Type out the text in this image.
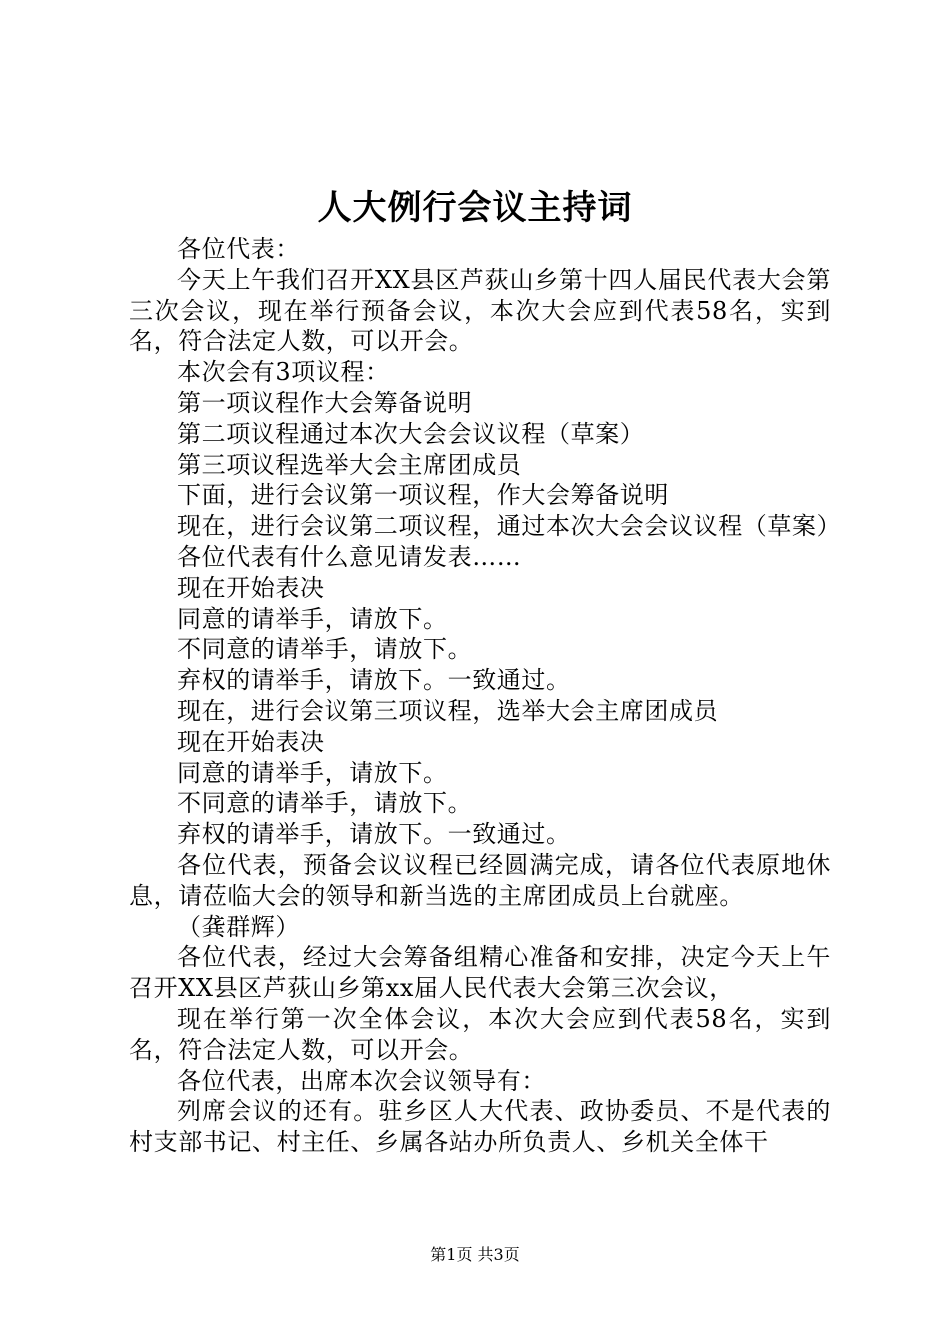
人大例行会议主持词

各位代表：

今天上午我们召开XX县区芦荻山乡第十四人届民代表大会第三次会议，现在举行预备会议，本次大会应到代表58名，实到名，符合法定人数，可以开会。

本次会有3项议程：

第一项议程作大会筹备说明

第二项议程通过本次大会会议议程（草案）

第三项议程选举大会主席团成员

下面，进行会议第一项议程，作大会筹备说明

现在，进行会议第二项议程，通过本次大会会议议程（草案）

各位代表有什么意见请发表……

现在开始表决

同意的请举手，请放下。

不同意的请举手，请放下。

弃权的请举手，请放下。一致通过。

现在，进行会议第三项议程，选举大会主席团成员

现在开始表决

同意的请举手，请放下。

不同意的请举手，请放下。

弃权的请举手，请放下。一致通过。

各位代表，预备会议议程已经圆满完成，请各位代表原地休息，请莅临大会的领导和新当选的主席团成员上台就座。

（龚群辉）

各位代表，经过大会筹备组精心准备和安排，决定今天上午召开XX县区芦荻山乡第xx届人民代表大会第三次会议，

现在举行第一次全体会议，本次大会应到代表58名，实到名，符合法定人数，可以开会。

各位代表，出席本次会议领导有：

列席会议的还有。驻乡区人大代表、政协委员、不是代表的村支部书记、村主任、乡属各站办所负责人、乡机关全体干

第1页 共3页
